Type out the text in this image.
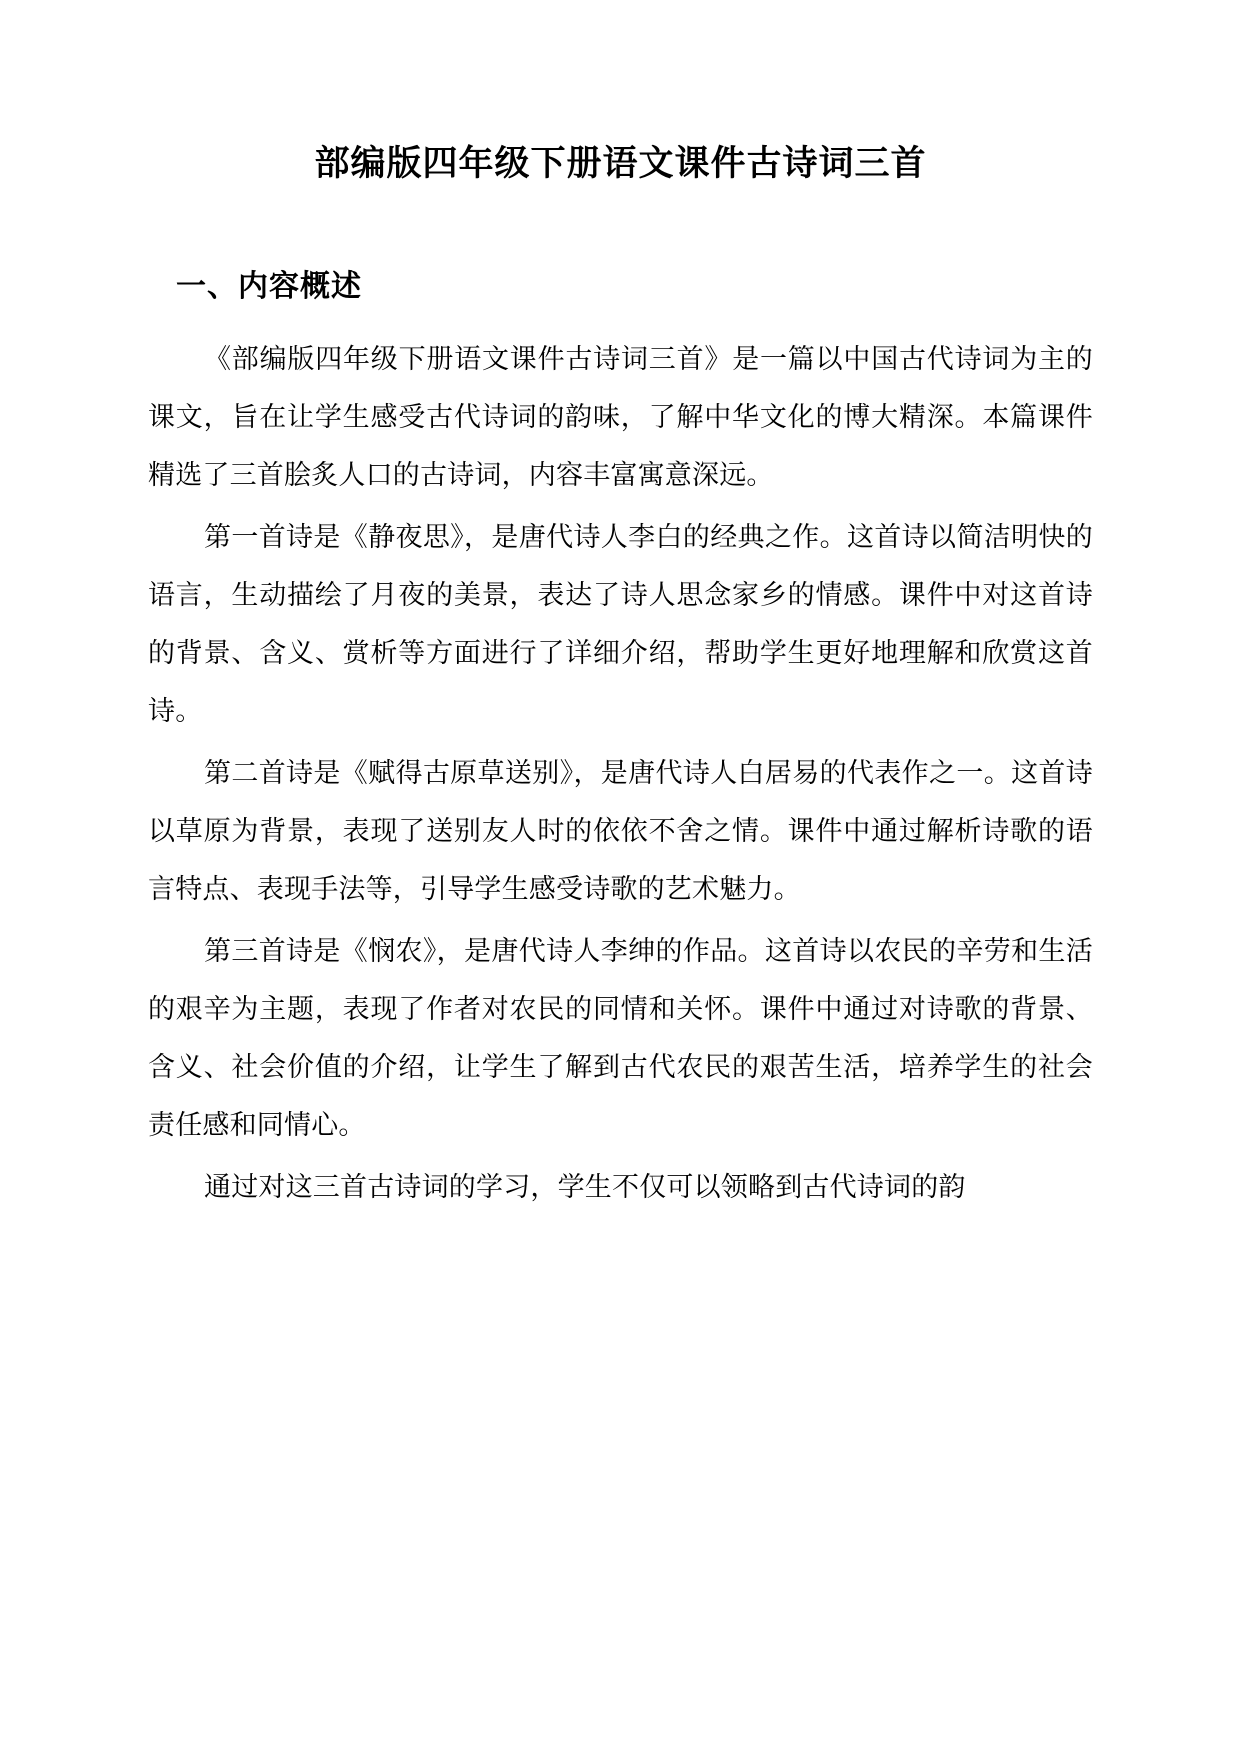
部编版四年级下册语文课件古诗词三首
一、内容概述

《部编版四年级下册语文课件古诗词三首》是一篇以中国古代诗词为主的课文，旨在让学生感受古代诗词的韵味，了解中华文化的博大精深。本篇课件精选了三首脍炙人口的古诗词，内容丰富寓意深远。

第一首诗是《静夜思》，是唐代诗人李白的经典之作。这首诗以简洁明快的语言，生动描绘了月夜的美景，表达了诗人思念家乡的情感。课件中对这首诗的背景、含义、赏析等方面进行了详细介绍，帮助学生更好地理解和欣赏这首诗。

第二首诗是《赋得古原草送别》，是唐代诗人白居易的代表作之一。这首诗以草原为背景，表现了送别友人时的依依不舍之情。课件中通过解析诗歌的语言特点、表现手法等，引导学生感受诗歌的艺术魅力。

第三首诗是《悯农》，是唐代诗人李绅的作品。这首诗以农民的辛劳和生活的艰辛为主题，表现了作者对农民的同情和关怀。课件中通过对诗歌的背景、含义、社会价值的介绍，让学生了解到古代农民的艰苦生活，培养学生的社会责任感和同情心。

通过对这三首古诗词的学习，学生不仅可以领略到古代诗词的韵
